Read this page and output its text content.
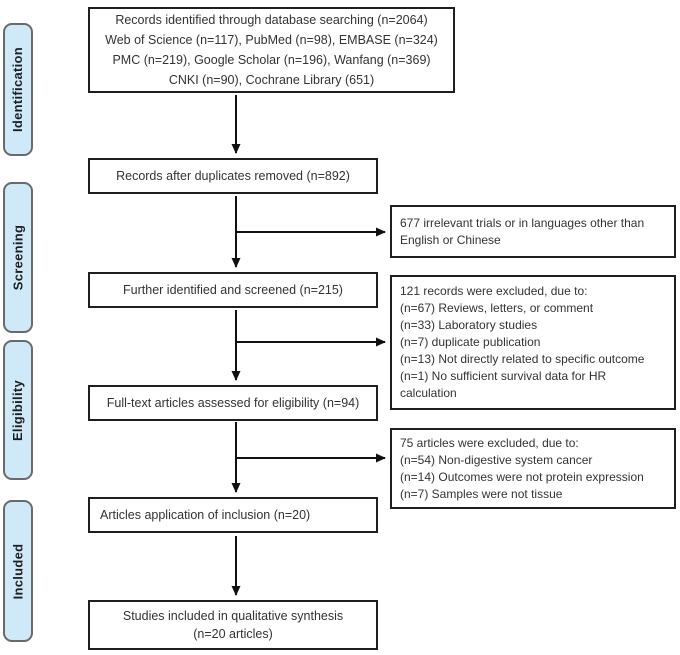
Identification
Screening
Eligibility
Included
Records identified through database searching (n=2064)
Web of Science (n=117), PubMed (n=98), EMBASE (n=324)
PMC (n=219), Google Scholar (n=196), Wanfang (n=369)
CNKI (n=90), Cochrane Library (651)
Records after duplicates removed (n=892)
Further identified and screened (n=215)
Full-text articles assessed for eligibility (n=94)
Articles application of inclusion (n=20)
Studies included in qualitative synthesis
(n=20 articles)
677 irrelevant trials or in languages other than
English or Chinese
121 records were excluded, due to:
(n=67) Reviews, letters, or comment
(n=33) Laboratory studies
(n=7) duplicate publication
(n=13) Not directly related to specific outcome
(n=1) No sufficient survival data for HR
calculation
75 articles were excluded, due to:
(n=54) Non-digestive system cancer
(n=14) Outcomes were not protein expression
(n=7) Samples were not tissue
